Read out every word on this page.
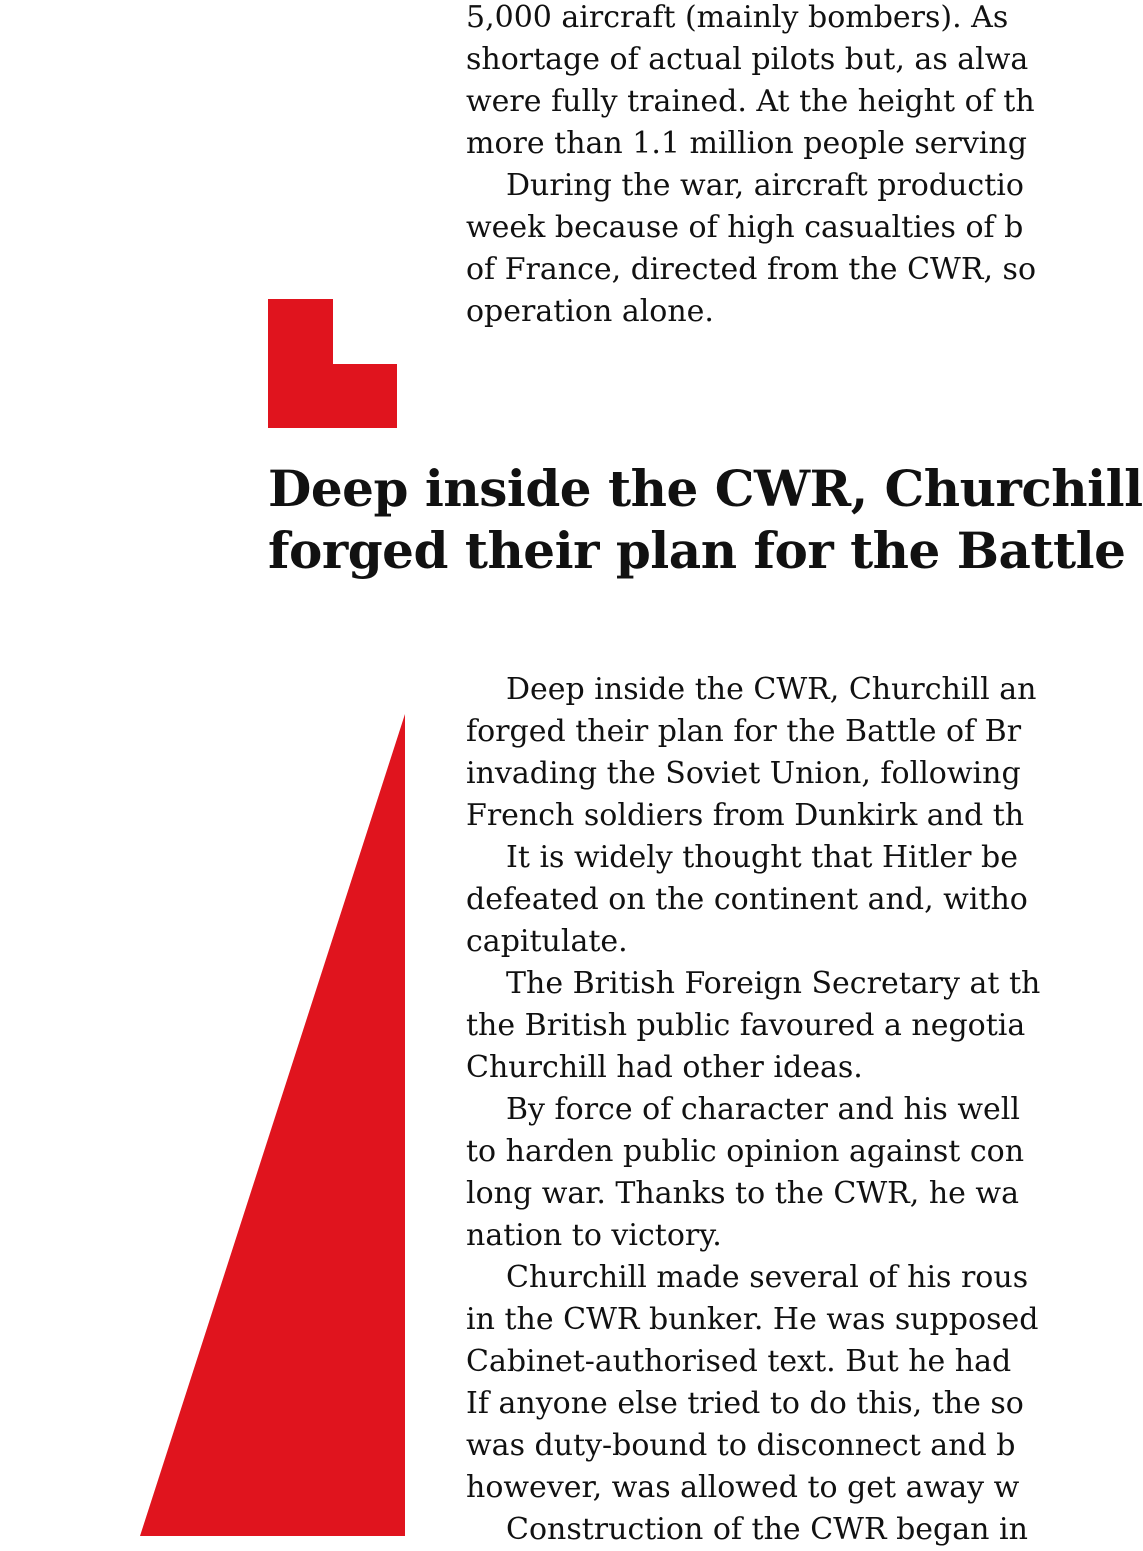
5,000 aircraft (mainly bombers). As
shortage of actual pilots but, as alwa
were fully trained. At the height of th
more than 1.1 million people serving
During the war, aircraft productio
week because of high casualties of b
of France, directed from the CWR, so
operation alone.
Deep inside the CWR, Churchill
forged their plan for the Battle
Deep inside the CWR, Churchill an
forged their plan for the Battle of Br
invading the Soviet Union, following
French soldiers from Dunkirk and th
It is widely thought that Hitler be
defeated on the continent and, witho
capitulate.
The British Foreign Secretary at th
the British public favoured a negotia
Churchill had other ideas.
By force of character and his well
to harden public opinion against con
long war. Thanks to the CWR, he wa
nation to victory.
Churchill made several of his rous
in the CWR bunker. He was supposed
Cabinet-authorised text. But he had
If anyone else tried to do this, the so
was duty-bound to disconnect and b
however, was allowed to get away w
Construction of the CWR began in
